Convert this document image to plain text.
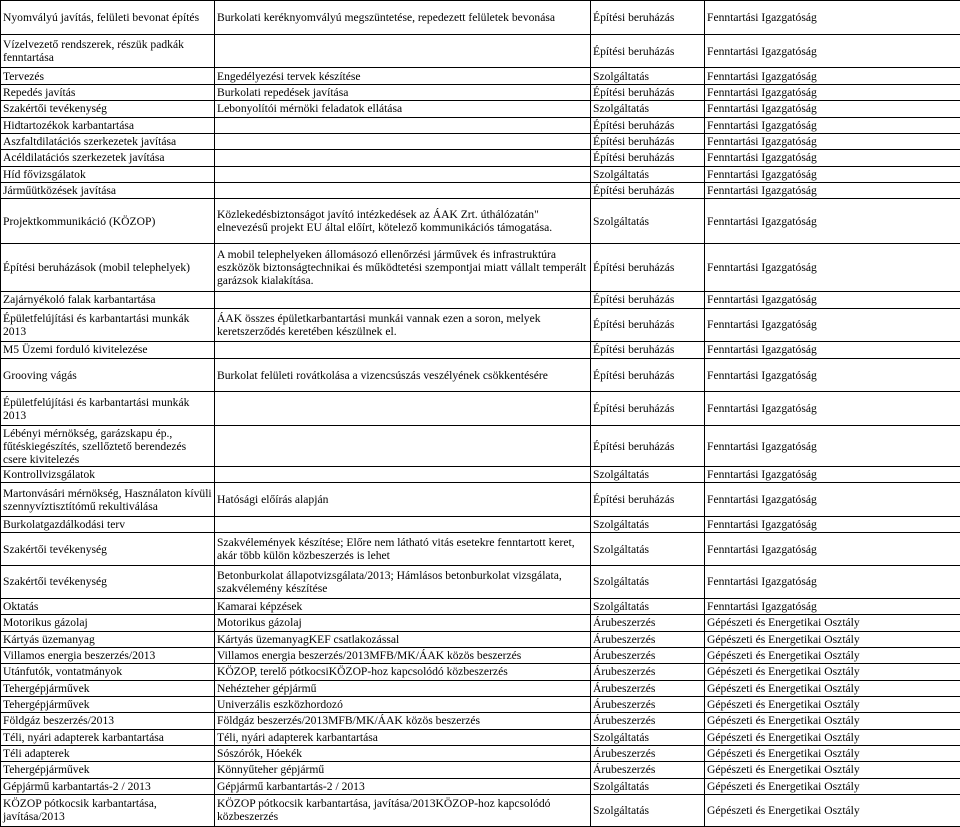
Nyomvályú javítás, felületi bevonat építés	Burkolati keréknyomvályú megszüntetése, repedezett felületek bevonása	Építési beruházás	Fenntartási Igazgatóság
Vízelvezető rendszerek, részük padkák fenntartása		Építési beruházás	Fenntartási Igazgatóság
Tervezés	Engedélyezési tervek készítése	Szolgáltatás	Fenntartási Igazgatóság
Repedés javítás	Burkolati repedések javítása	Építési beruházás	Fenntartási Igazgatóság
Szakértői tevékenység	Lebonyolítói mérnöki feladatok ellátása	Szolgáltatás	Fenntartási Igazgatóság
Hidtartozékok karbantartása		Építési beruházás	Fenntartási Igazgatóság
Aszfaltdilatációs szerkezetek javítása		Építési beruházás	Fenntartási Igazgatóság
Acéldilatációs szerkezetek javítása		Építési beruházás	Fenntartási Igazgatóság
Híd fővizsgálatok		Szolgáltatás	Fenntartási Igazgatóság
Járműütközések javítása		Építési beruházás	Fenntartási Igazgatóság
Projektkommunikáció (KÖZOP)	Közlekedésbiztonságot javító intézkedések az ÁAK Zrt. úthálózatán" elnevezésű projekt EU által előírt, kötelező kommunikációs támogatása.	Szolgáltatás	Fenntartási Igazgatóság
Építési beruházások (mobil telephelyek)	A mobil telephelyeken állomásozó ellenőrzési járművek és infrastruktúra eszközök biztonságtechnikai és működtetési szempontjai miatt vállalt temperált garázsok kialakítása.	Építési beruházás	Fenntartási Igazgatóság
Zajárnyékoló falak karbantartása		Építési beruházás	Fenntartási Igazgatóság
Épületfelújítási és karbantartási munkák 2013	ÁAK összes épületkarbantartási munkái vannak ezen a soron, melyek keretszerződés keretében készülnek el.	Építési beruházás	Fenntartási Igazgatóság
M5 Üzemi forduló kivitelezése		Építési beruházás	Fenntartási Igazgatóság
Grooving vágás	Burkolat felületi rovátkolása a vizencsúszás veszélyének csökkentésére	Építési beruházás	Fenntartási Igazgatóság
Épületfelújítási és karbantartási munkák 2013		Építési beruházás	Fenntartási Igazgatóság
Lébényi mérnökség, garázskapu ép., fűtéskiegészítés, szellőztető berendezés csere kivitelezés		Építési beruházás	Fenntartási Igazgatóság
Kontrollvizsgálatok		Szolgáltatás	Fenntartási Igazgatóság
Martonvásári mérnökség, Használaton kívüli szennyvíztisztítómű rekultiválása	Hatósági előírás alapján	Építési beruházás	Fenntartási Igazgatóság
Burkolatgazdálkodási terv		Szolgáltatás	Fenntartási Igazgatóság
Szakértői tevékenység	Szakvélemények készítése; Előre nem látható vitás esetekre fenntartott keret, akár több külön közbeszerzés is lehet	Szolgáltatás	Fenntartási Igazgatóság
Szakértői tevékenység	Betonburkolat állapotvizsgálata/2013; Hámlásos betonburkolat vizsgálata, szakvélemény készítése	Szolgáltatás	Fenntartási Igazgatóság
Oktatás	Kamarai képzések	Szolgáltatás	Fenntartási Igazgatóság
Motorikus gázolaj	Motorikus gázolaj	Árubeszerzés	Gépészeti és Energetikai Osztály
Kártyás üzemanyag	Kártyás üzemanyagKEF csatlakozással	Árubeszerzés	Gépészeti és Energetikai Osztály
Villamos energia beszerzés/2013	Villamos energia beszerzés/2013MFB/MK/ÁAK közös beszerzés	Árubeszerzés	Gépészeti és Energetikai Osztály
Utánfutók, vontatmányok	KÖZOP, terelő pótkocsiKÖZOP-hoz kapcsolódó közbeszerzés	Árubeszerzés	Gépészeti és Energetikai Osztály
Tehergépjárművek	Nehézteher gépjármű	Árubeszerzés	Gépészeti és Energetikai Osztály
Tehergépjárművek	Univerzális eszközhordozó	Árubeszerzés	Gépészeti és Energetikai Osztály
Földgáz beszerzés/2013	Földgáz beszerzés/2013MFB/MK/ÁAK közös beszerzés	Árubeszerzés	Gépészeti és Energetikai Osztály
Téli, nyári adapterek karbantartása	Téli, nyári adapterek karbantartása	Szolgáltatás	Gépészeti és Energetikai Osztály
Téli adapterek	Sószórók, Hóekék	Árubeszerzés	Gépészeti és Energetikai Osztály
Tehergépjárművek	Könnyűteher gépjármű	Árubeszerzés	Gépészeti és Energetikai Osztály
Gépjármű karbantartás-2 / 2013	Gépjármű karbantartás-2 / 2013	Szolgáltatás	Gépészeti és Energetikai Osztály
KÖZOP pótkocsik karbantartása, javítása/2013	KÖZOP pótkocsik karbantartása, javítása/2013KÖZOP-hoz kapcsolódó közbeszerzés	Szolgáltatás	Gépészeti és Energetikai Osztály
